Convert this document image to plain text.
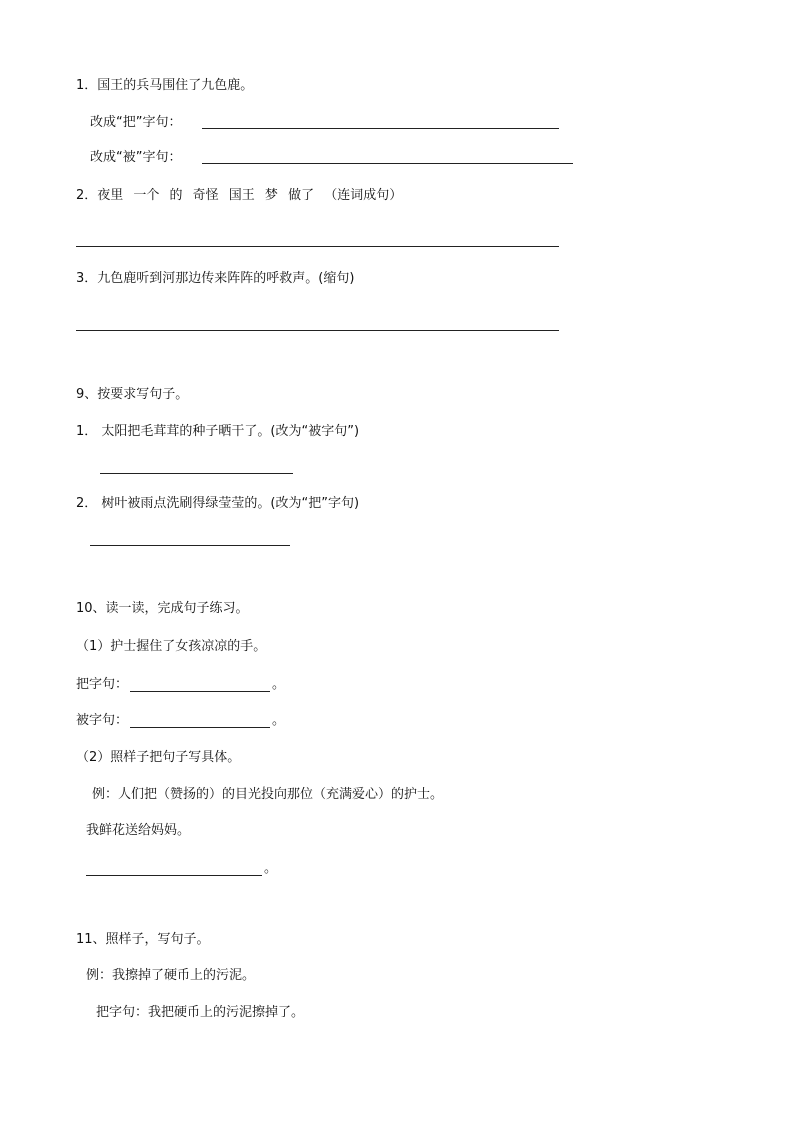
1．国王的兵马围住了九色鹿。
改成“把”字句：
改成“被”字句：
2．夜里 一个 的 奇怪 国王 梦 做了 （连词成句）
3．九色鹿听到河那边传来阵阵的呼救声。(缩句)
9、按要求写句子。
1． 太阳把毛茸茸的种子晒干了。(改为“被字句”)
2． 树叶被雨点洗刷得绿莹莹的。(改为“把”字句)
10、读一读，完成句子练习。
（1）护士握住了女孩凉凉的手。
把字句：	。
被字句：	。
（2）照样子把句子写具体。
例：人们把（赞扬的）的目光投向那位（充满爱心）的护士。
我鲜花送给妈妈。
。
11、照样子，写句子。
例：我擦掉了硬币上的污泥。
把字句：我把硬币上的污泥擦掉了。
